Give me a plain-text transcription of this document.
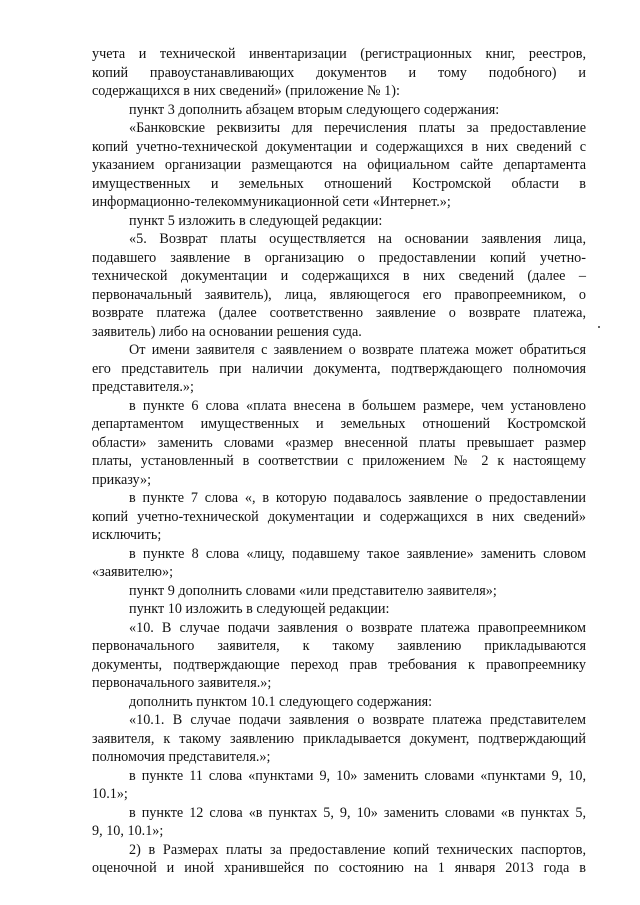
учета и технической инвентаризации (регистрационных книг, реестров,
копий правоустанавливающих документов и тому подобного) и
содержащихся в них сведений» (приложение № 1):
пункт 3 дополнить абзацем вторым следующего содержания:
«Банковские реквизиты для перечисления платы за предоставление
копий учетно-технической документации и содержащихся в них сведений с
указанием организации размещаются на официальном сайте департамента
имущественных и земельных отношений Костромской области в
информационно-телекоммуникационной сети «Интернет.»;
пункт 5 изложить в следующей редакции:
«5. Возврат платы осуществляется на основании заявления лица,
подавшего заявление в организацию о предоставлении копий учетно-
технической документации и содержащихся в них сведений (далее –
первоначальный заявитель), лица, являющегося его правопреемником, о
возврате платежа (далее соответственно заявление о возврате платежа,
заявитель) либо на основании решения суда.
От имени заявителя с заявлением о возврате платежа может обратиться
его представитель при наличии документа, подтверждающего полномочия
представителя.»;
в пункте 6 слова «плата внесена в большем размере, чем установлено
департаментом имущественных и земельных отношений Костромской
области» заменить словами «размер внесенной платы превышает размер
платы, установленный в соответствии с приложением № 2 к настоящему
приказу»;
в пункте 7 слова «, в которую подавалось заявление о предоставлении
копий учетно-технической документации и содержащихся в них сведений»
исключить;
в пункте 8 слова «лицу, подавшему такое заявление» заменить словом
«заявителю»;
пункт 9 дополнить словами «или представителю заявителя»;
пункт 10 изложить в следующей редакции:
«10. В случае подачи заявления о возврате платежа правопреемником
первоначального заявителя, к такому заявлению прикладываются
документы, подтверждающие переход прав требования к правопреемнику
первоначального заявителя.»;
дополнить пунктом 10.1 следующего содержания:
«10.1. В случае подачи заявления о возврате платежа представителем
заявителя, к такому заявлению прикладывается документ, подтверждающий
полномочия представителя.»;
в пункте 11 слова «пунктами 9, 10» заменить словами «пунктами 9, 10,
10.1»;
в пункте 12 слова «в пунктах 5, 9, 10» заменить словами «в пунктах 5,
9, 10, 10.1»;
2) в Размерах платы за предоставление копий технических паспортов,
оценочной и иной хранившейся по состоянию на 1 января 2013 года в
